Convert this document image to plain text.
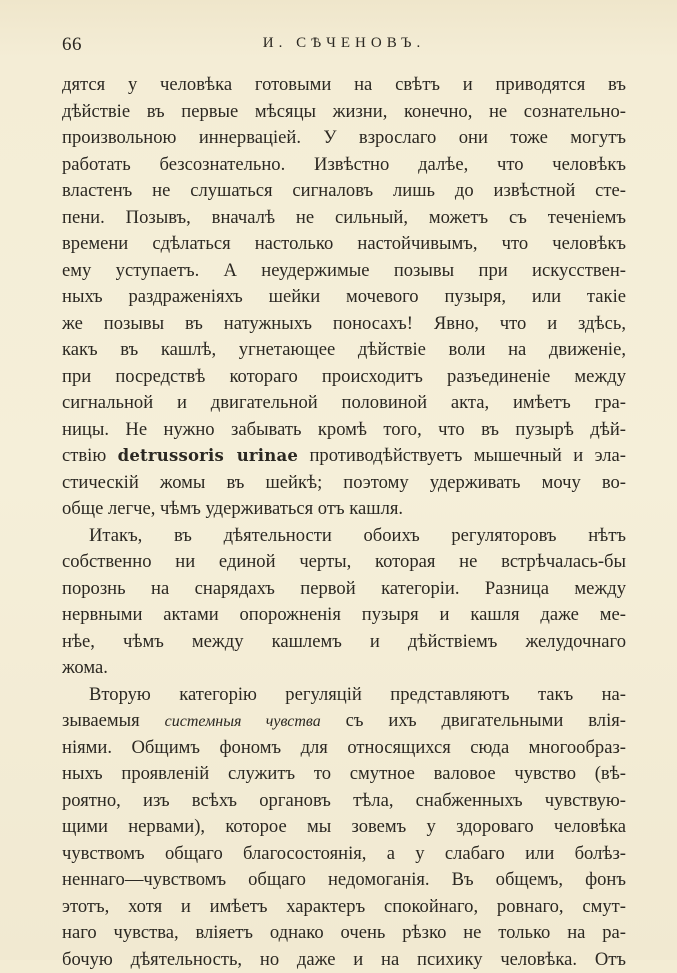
66	И. СѢЧЕНОВЪ.
дятся у человѣка готовыми на свѣтъ и приводятся въ
дѣйствіе въ первые мѣсяцы жизни, конечно, не сознательно-
произвольною иннерваціей. У взрослаго они тоже могутъ
работать безсознательно. Извѣстно далѣе, что человѣкъ
властенъ не слушаться сигналовъ лишь до извѣстной сте-
пени. Позывъ, вначалѣ не сильный, можетъ съ теченіемъ
времени сдѣлаться настолько настойчивымъ, что человѣкъ
ему уступаетъ. А неудержимые позывы при искусствен-
ныхъ раздраженіяхъ шейки мочевого пузыря, или такіе
же позывы въ натужныхъ поносахъ! Явно, что и здѣсь,
какъ въ кашлѣ, угнетающее дѣйствіе воли на движеніе,
при посредствѣ котораго происходитъ разъединеніе между
сигнальной и двигательной половиной акта, имѣетъ гра-
ницы. Не нужно забывать кромѣ того, что въ пузырѣ дѣй-
ствію detrussoris urinae противодѣйствуетъ мышечный и эла-
стическій жомы въ шейкѣ; поэтому удерживать мочу во-
обще легче, чѣмъ удерживаться отъ кашля.
Итакъ, въ дѣятельности обоихъ регуляторовъ нѣтъ
собственно ни единой черты, которая не встрѣчалась-бы
порознь на снарядахъ первой категоріи. Разница между
нервными актами опорожненія пузыря и кашля даже ме-
нѣе, чѣмъ между кашлемъ и дѣйствіемъ желудочнаго
жома.
Вторую категорію регуляцій представляютъ такъ на-
зываемыя системныя чувства съ ихъ двигательными влія-
ніями. Общимъ фономъ для относящихся сюда многообраз-
ныхъ проявленій служитъ то смутное валовое чувство (вѣ-
роятно, изъ всѣхъ органовъ тѣла, снабженныхъ чувствую-
щими нервами), которое мы зовемъ у здороваго человѣка
чувствомъ общаго благосостоянія, а у слабаго или болѣз-
неннаго—чувствомъ общаго недомоганія. Въ общемъ, фонъ
этотъ, хотя и имѣетъ характеръ спокойнаго, ровнаго, смут-
наго чувства, вліяетъ однако очень рѣзко не только на ра-
бочую дѣятельность, но даже и на психику человѣка. Отъ
